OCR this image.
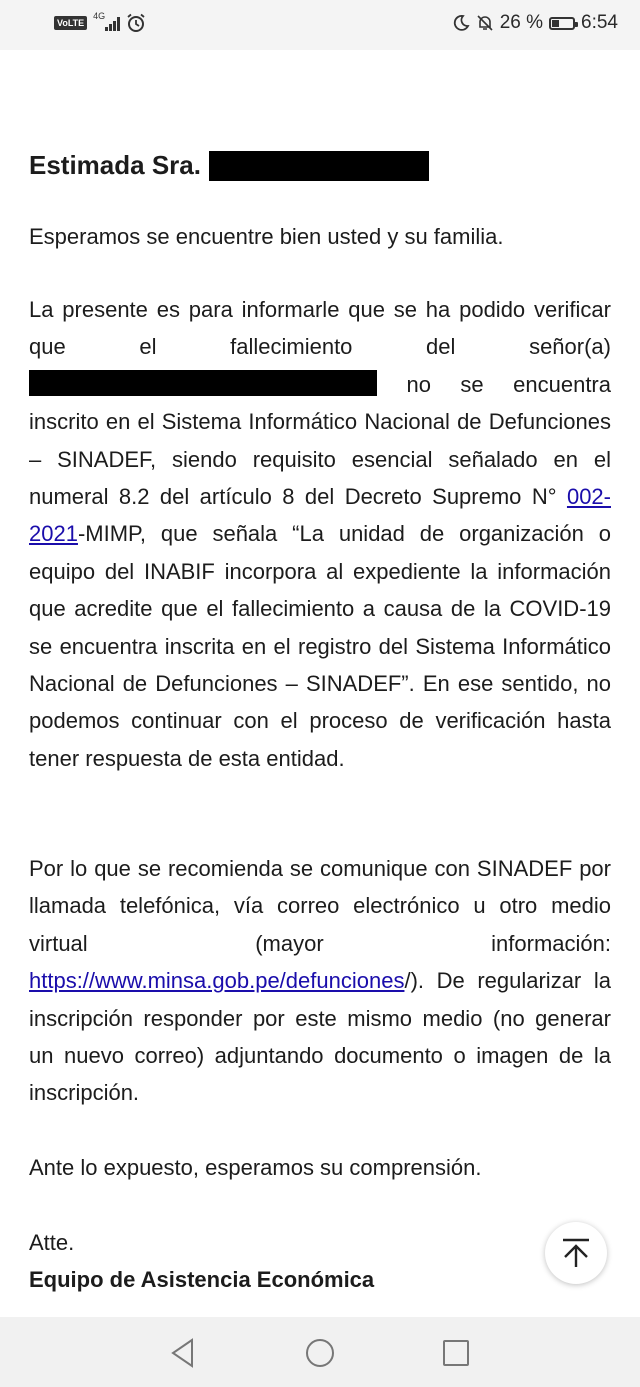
VoLTE
4G	26 % 6:54
Estimada Sra.

Esperamos se encuentre bien usted y su familia.

La presente es para informarle que se ha podido verificar que el fallecimiento del señor(a)  no se encuentra inscrito en el Sistema Informático Nacional de Defunciones – SINADEF, siendo requisito esencial señalado en el numeral 8.2 del artículo 8 del Decreto Supremo N° 002-2021-MIMP, que señala “La unidad de organización o equipo del INABIF incorpora al expediente la información que acredite que el fallecimiento a causa de la COVID-19 se encuentra inscrita en el registro del Sistema Informático Nacional de Defunciones – SINADEF”. En ese sentido, no podemos continuar con el proceso de verificación hasta tener respuesta de esta entidad.

Por lo que se recomienda se comunique con SINADEF por llamada telefónica, vía correo electrónico u otro medio virtual (mayor información: https://www.minsa.gob.pe/defunciones/). De regularizar la inscripción responder por este mismo medio (no generar un nuevo correo) adjuntando documento o imagen de la inscripción.

Ante lo expuesto, esperamos su comprensión.

Atte.
Equipo de Asistencia Económica
